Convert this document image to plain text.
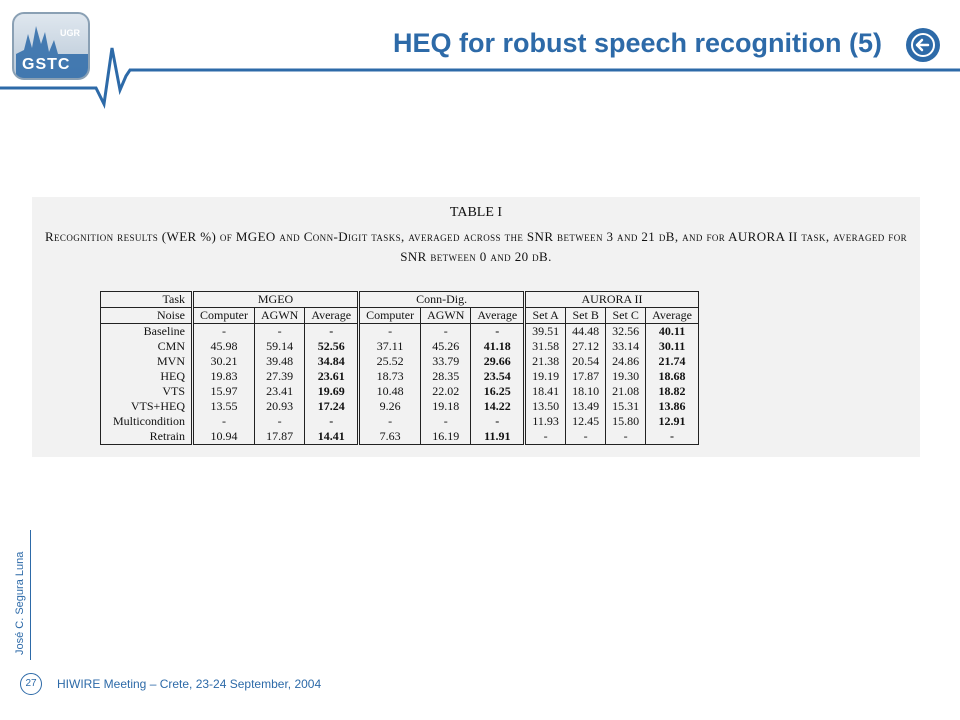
UGR
GSTC
HEQ for robust speech recognition (5)
TABLE I
Recognition results (WER %) of MGEO and Conn-Digit tasks, averaged across the SNR between 3 and 21 dB, and for AURORA II task, averaged for SNR between 0 and 20 dB.
Task	MGEO			Conn-Dig.			AURORA II			
Noise	Computer	AGWN	Average	Computer	AGWN	Average	Set A	Set B	Set C	Average
Baseline	-	-	-	-	-	-	39.51	44.48	32.56	40.11
CMN	45.98	59.14	52.56	37.11	45.26	41.18	31.58	27.12	33.14	30.11
MVN	30.21	39.48	34.84	25.52	33.79	29.66	21.38	20.54	24.86	21.74
HEQ	19.83	27.39	23.61	18.73	28.35	23.54	19.19	17.87	19.30	18.68
VTS	15.97	23.41	19.69	10.48	22.02	16.25	18.41	18.10	21.08	18.82
VTS+HEQ	13.55	20.93	17.24	9.26	19.18	14.22	13.50	13.49	15.31	13.86
Multicondition	-	-	-	-	-	-	11.93	12.45	15.80	12.91
Retrain	10.94	17.87	14.41	7.63	16.19	11.91	-	-	-	-
José C. Segura Luna
27	HIWIRE Meeting – Crete, 23-24 September, 2004
